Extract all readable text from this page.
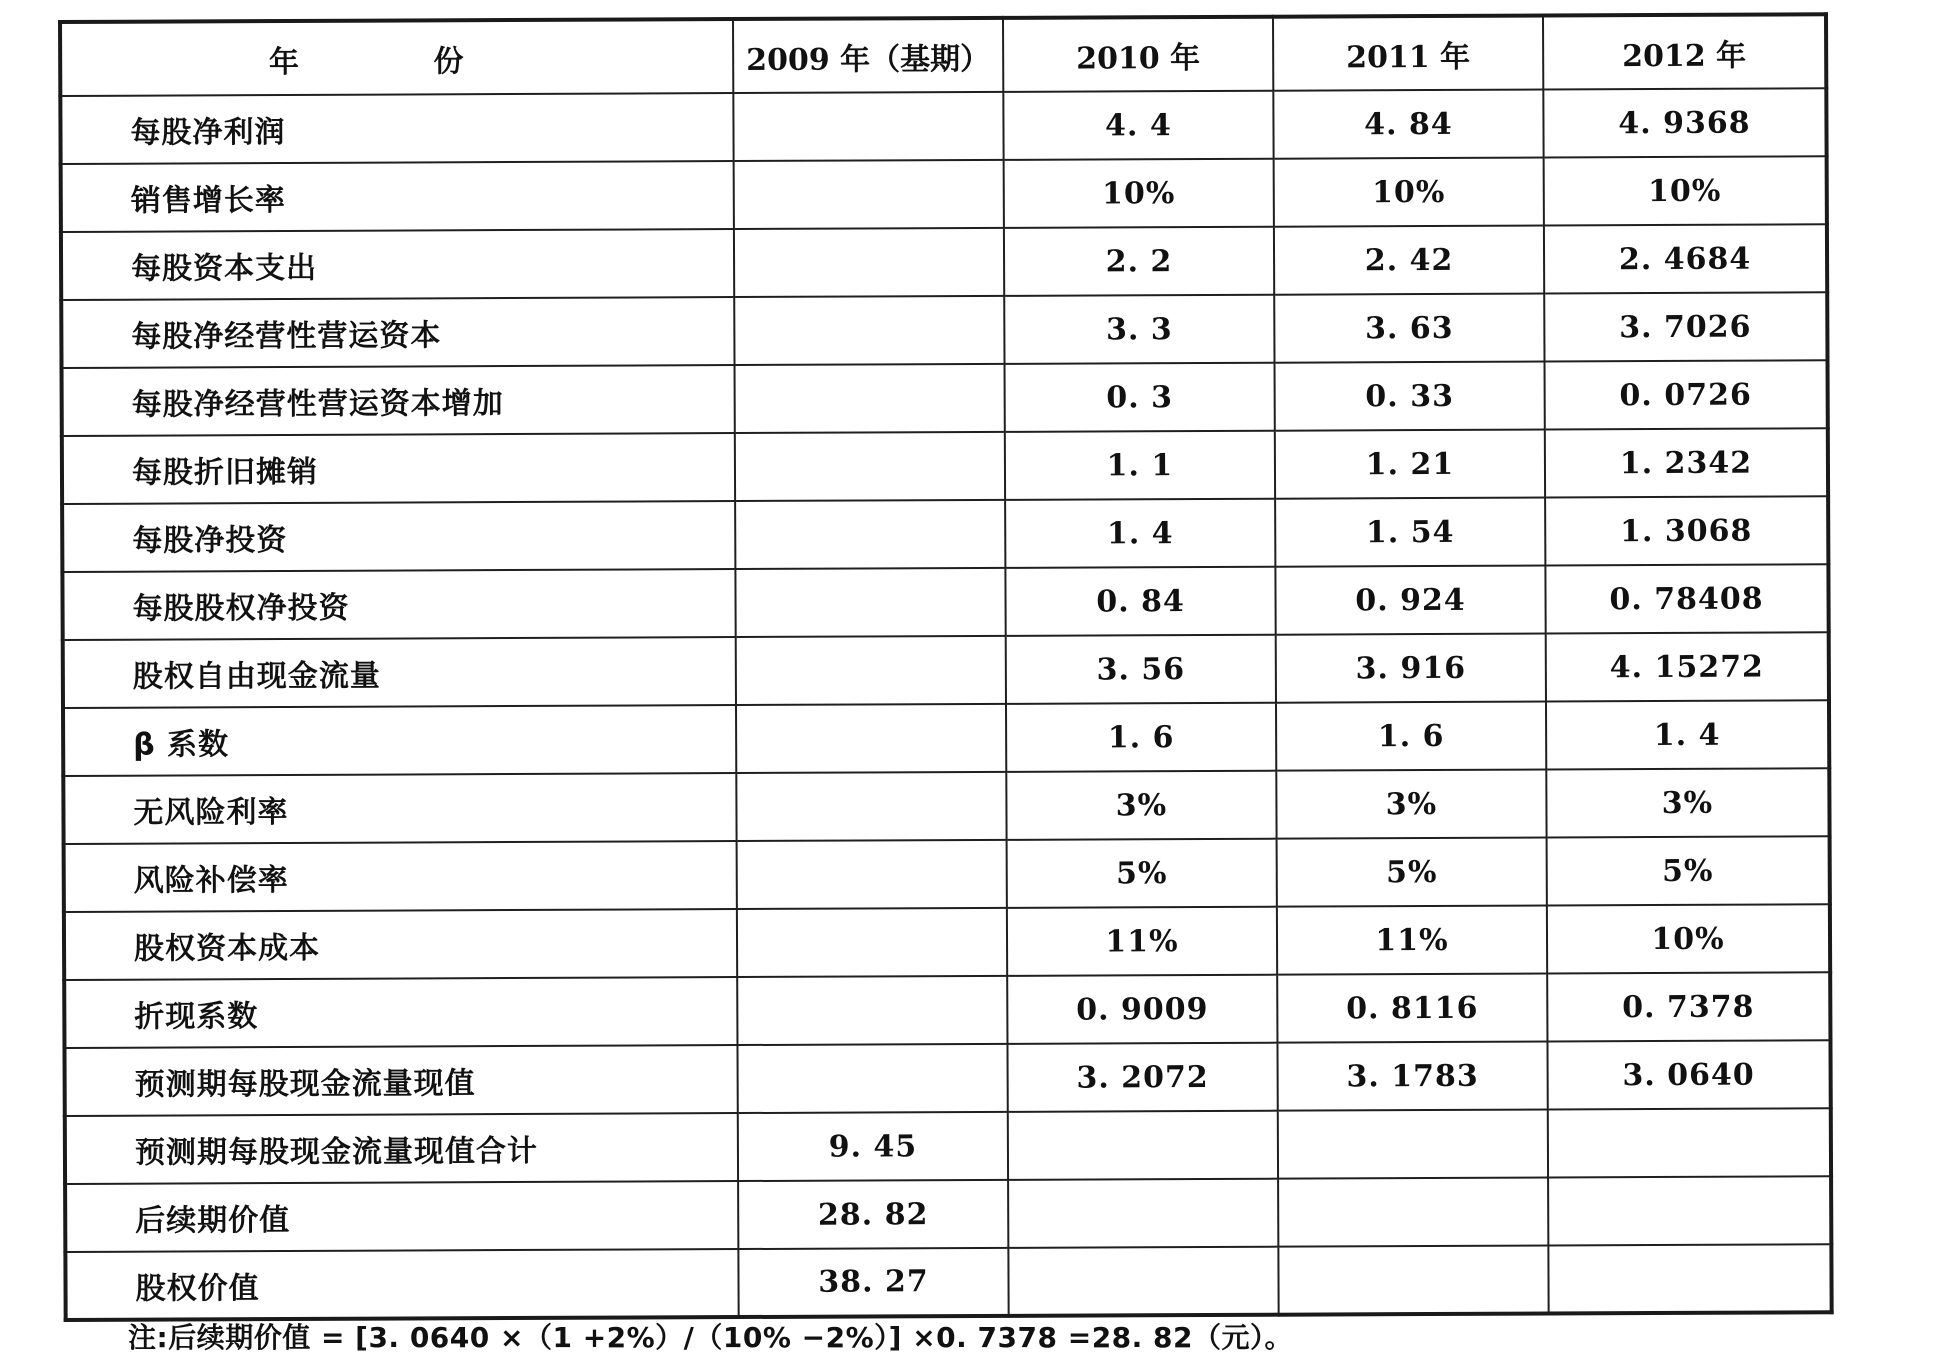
年 份	2009 年（基期）	2010 年	2011 年	2012 年
每股净利润		4. 4	4. 84	4. 9368
销售增长率		10%	10%	10%
每股资本支出		2. 2	2. 42	2. 4684
每股净经营性营运资本		3. 3	3. 63	3. 7026
每股净经营性营运资本增加		0. 3	0. 33	0. 0726
每股折旧摊销		1. 1	1. 21	1. 2342
每股净投资		1. 4	1. 54	1. 3068
每股股权净投资		0. 84	0. 924	0. 78408
股权自由现金流量		3. 56	3. 916	4. 15272
β 系数		1. 6	1. 6	1. 4
无风险利率		3%	3%	3%
风险补偿率		5%	5%	5%
股权资本成本		11%	11%	10%
折现系数		0. 9009	0. 8116	0. 7378
预测期每股现金流量现值		3. 2072	3. 1783	3. 0640
预测期每股现金流量现值合计	9. 45			
后续期价值	28. 82			
股权价值	38. 27			
注:后续期价值 = [3. 0640 ×（1 +2%）/（10% −2%）] ×0. 7378 =28. 82（元）。
